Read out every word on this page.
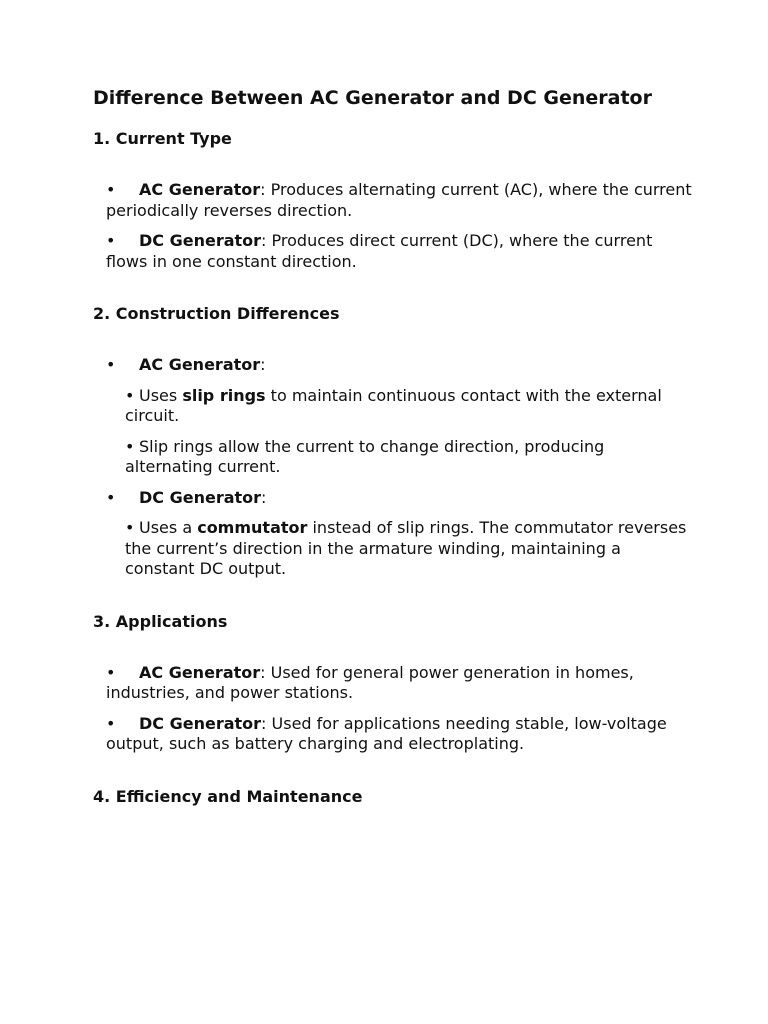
Difference Between AC Generator and DC Generator
1. Current Type
• AC Generator: Produces alternating current (AC), where the current periodically reverses direction.
• DC Generator: Produces direct current (DC), where the current flows in one constant direction.
2. Construction Differences
• AC Generator:
• Uses slip rings to maintain continuous contact with the external circuit.
• Slip rings allow the current to change direction, producing alternating current.
• DC Generator:
• Uses a commutator instead of slip rings. The commutator reverses the current’s direction in the armature winding, maintaining a constant DC output.
3. Applications
• AC Generator: Used for general power generation in homes, industries, and power stations.
• DC Generator: Used for applications needing stable, low-voltage output, such as battery charging and electroplating.
4. Efficiency and Maintenance
